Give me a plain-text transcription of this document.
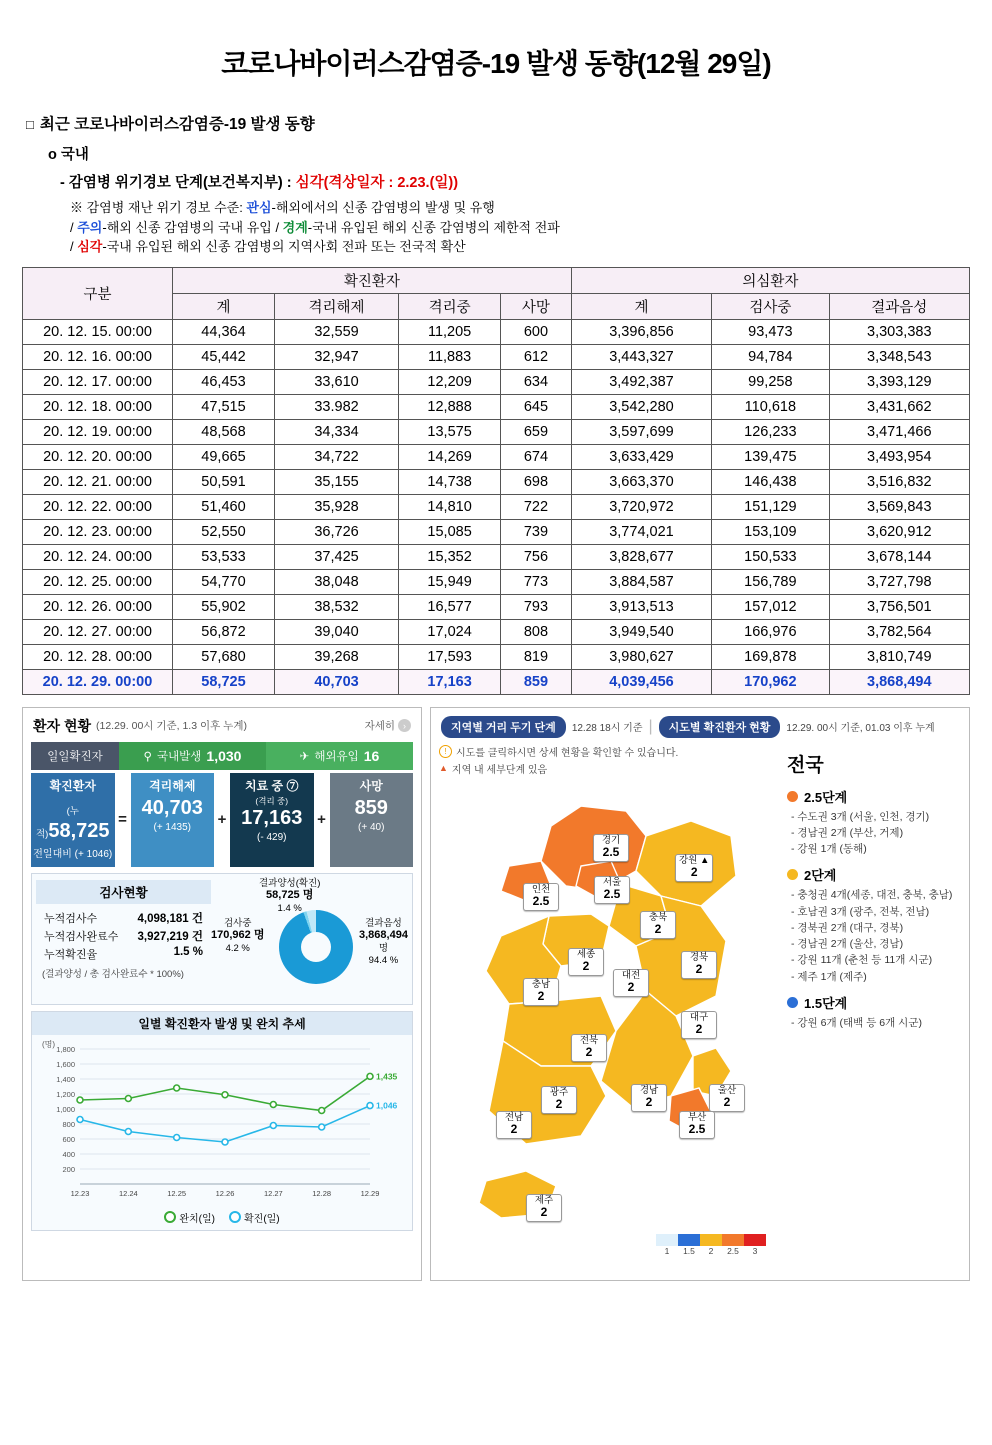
코로나바이러스감염증-19 발생 동향(12월 29일)
□ 최근 코로나바이러스감염증-19 발생 동향
o 국내
- 감염병 위기경보 단계(보건복지부) : 심각(격상일자 : 2.23.(일))
※ 감염병 재난 위기 경보 수준: 관심-해외에서의 신종 감염병의 발생 및 유행
/ 주의-해외 신종 감염병의 국내 유입 / 경계-국내 유입된 해외 신종 감염병의 제한적 전파
/ 심각-국내 유입된 해외 신종 감염병의 지역사회 전파 또는 전국적 확산
구분	확진환자				의심환자		
	계	격리해제	격리중	사망	계	검사중	결과음성
20. 12. 15. 00:00	44,364	32,559	11,205	600	3,396,856	93,473	3,303,383
20. 12. 16. 00:00	45,442	32,947	11,883	612	3,443,327	94,784	3,348,543
20. 12. 17. 00:00	46,453	33,610	12,209	634	3,492,387	99,258	3,393,129
20. 12. 18. 00:00	47,515	33.982	12,888	645	3,542,280	110,618	3,431,662
20. 12. 19. 00:00	48,568	34,334	13,575	659	3,597,699	126,233	3,471,466
20. 12. 20. 00:00	49,665	34,722	14,269	674	3,633,429	139,475	3,493,954
20. 12. 21. 00:00	50,591	35,155	14,738	698	3,663,370	146,438	3,516,832
20. 12. 22. 00:00	51,460	35,928	14,810	722	3,720,972	151,129	3,569,843
20. 12. 23. 00:00	52,550	36,726	15,085	739	3,774,021	153,109	3,620,912
20. 12. 24. 00:00	53,533	37,425	15,352	756	3,828,677	150,533	3,678,144
20. 12. 25. 00:00	54,770	38,048	15,949	773	3,884,587	156,789	3,727,798
20. 12. 26. 00:00	55,902	38,532	16,577	793	3,913,513	157,012	3,756,501
20. 12. 27. 00:00	56,872	39,040	17,024	808	3,949,540	166,976	3,782,564
20. 12. 28. 00:00	57,680	39,268	17,593	819	3,980,627	169,878	3,810,749
20. 12. 29. 00:00	58,725	40,703	17,163	859	4,039,456	170,962	3,868,494
환자 현황 (12.29. 00시 기준, 1.3 이후 누계)	자세히 ›
일일확진자	⚲ 국내발생 1,030	✈ 해외유입 16
확진환자
(누적)58,725
전일대비 (+ 1046)
=
격리해제
40,703
(+ 1435)	+
치료 중 ⑦
(격리 중)
17,163
(- 429)
+
사망
859
(+ 40)
검사현황
누적검사수	4,098,181 건
누적검사완료수 3,927,219 건
누적확진율	1.5 %
(결과양성 / 총 검사완료수 * 100%)
결과양성(확진)
58,725 명
1.4 %
검사중
170,962 명
4.2 %
결과음성
3,868,494
명
94.4 %
일별 확진환자 발생 및 완치 추세
200
400
600
800
1,000
1,200
1,400
1,600
1,800
(명)
12.23	12.24	12.25	12.26	12.27	12.28	12.29
1,435
1,046
완치(일)	확진(일)
지역별 거리 두기 단계	12.28 18시 기준 |	시도별 확진환자 현황	12.29. 00시 기준, 01.03 이후 누계
! 시도를 클릭하시면 상세 현황을 확인할 수 있습니다.
▲ 지역 내 세부단계 있음
경기
2.5
강원 ▲
2
인천
2.5
서울
2.5
충북
2
세종
2
대전
2
경북
2
충남
2
대구
2
전북
2
경남
2
울산
2
광주
2
부산
2.5
전남
2
제주
2
1	1.5	2	2.5	3
전국
2.5단계
- 수도권 3개 (서울, 인천, 경기)
- 경남권 2개 (부산, 거제)
- 강원 1개 (동해)
2단계
- 충청권 4개(세종, 대전, 충북, 충남)
- 호남권 3개 (광주, 전북, 전남)
- 경북권 2개 (대구, 경북)
- 경남권 2개 (울산, 경남)
- 강원 11개 (춘천 등 11개 시군)
- 제주 1개 (제주)
1.5단계
- 강원 6개 (태백 등 6개 시군)
